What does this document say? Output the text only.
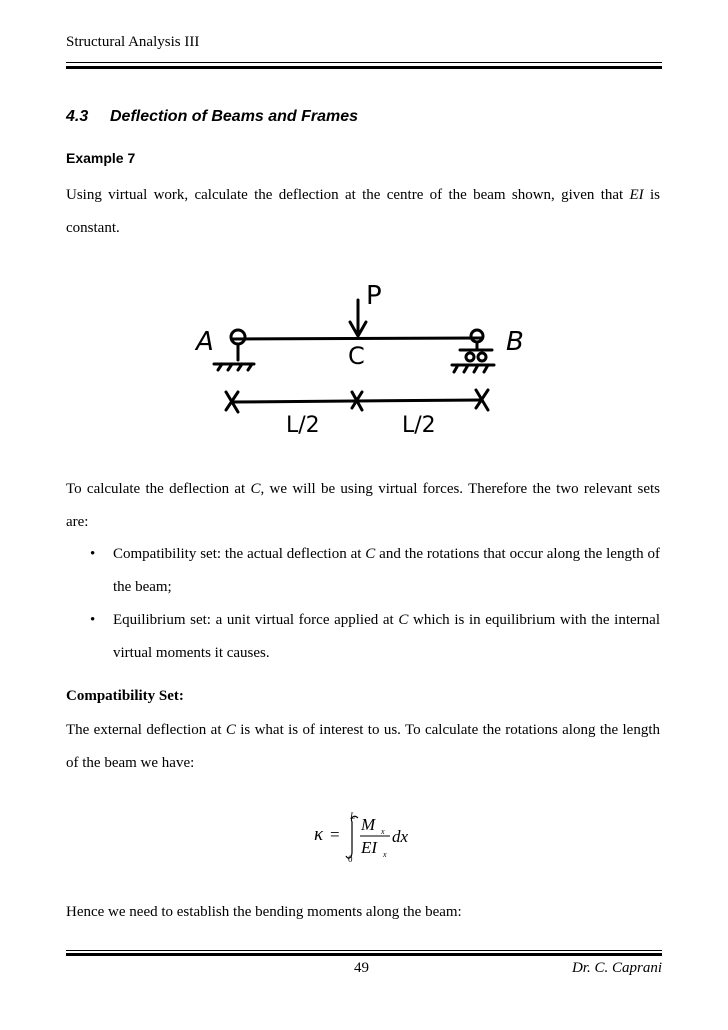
Structural Analysis III
4.3 Deflection of Beams and Frames
Example 7
Using virtual work, calculate the deflection at the centre of the beam shown, given that EI is constant.
P
A	C	B
L/2	L/2
To calculate the deflection at C, we will be using virtual forces. Therefore the two relevant sets are:
• Compatibility set: the actual deflection at C and the rotations that occur along the length of the beam;
• Equilibrium set: a unit virtual force applied at C which is in equilibrium with the internal virtual moments it causes.
Compatibility Set:
The external deflection at C is what is of interest to us. To calculate the rotations along the length of the beam we have:
κ =
L
0
M x
EI x
dx
Hence we need to establish the bending moments along the beam:
49	Dr. C. Caprani
